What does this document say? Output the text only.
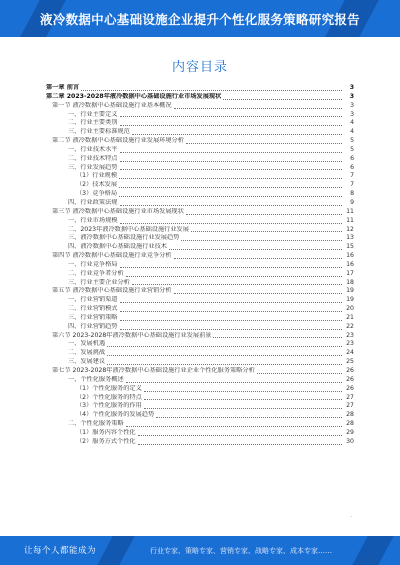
液冷数据中心基础设施企业提升个性化服务策略研究报告
内容目录
第一章 前言	3
第二章 2023-2028年液冷数据中心基础设施行业市场发展现状	3
第一节 液冷数据中心基础设施行业基本概况	3
一、行业主要定义	3
二、行业主要类别	4
三、行业主要标准规范	4
第二节 液冷数据中心基础设施行业发展环境分析	5
一、行业技术水平	5
二、行业技术特点	6
三、行业发展趋势	6
（1）行业规模	7
（2）技术发展	7
（3）竞争格局	8
四、行业政策法规	9
第三节 液冷数据中心基础设施行业市场发展现状	11
一、行业市场规模	11
二、2023年液冷数据中心基础设施行业发展	12
三、液冷数据中心基础设施行业发展趋势	13
四、液冷数据中心基础设施行业技术	15
第四节 液冷数据中心基础设施行业竞争分析	16
一、行业竞争格局	16
二、行业竞争者分析	17
三、行业主要企业分析	18
第五节 液冷数据中心基础设施行业营销分析	19
一、行业营销渠道	19
二、行业营销模式	20
三、行业营销策略	21
四、行业营销趋势	22
第六节 2023-2028年液冷数据中心基础设施行业发展前景	23
一、发展机遇	23
二、发展挑战	24
三、发展建议	25
第七节 2023-2028年液冷数据中心基础设施行业企业个性化服务策略分析	26
一、个性化服务概述	26
（1）个性化服务的定义	26
（2）个性化服务的特点	27
（3）个性化服务的作用	27
（4）个性化服务的发展趋势	28
二、个性化服务策略	28
（1）服务内容个性化	29
（2）服务方式个性化	30
·
让每个人都能成为	行业专家、策略专家、营销专家、战略专家、成本专家……
